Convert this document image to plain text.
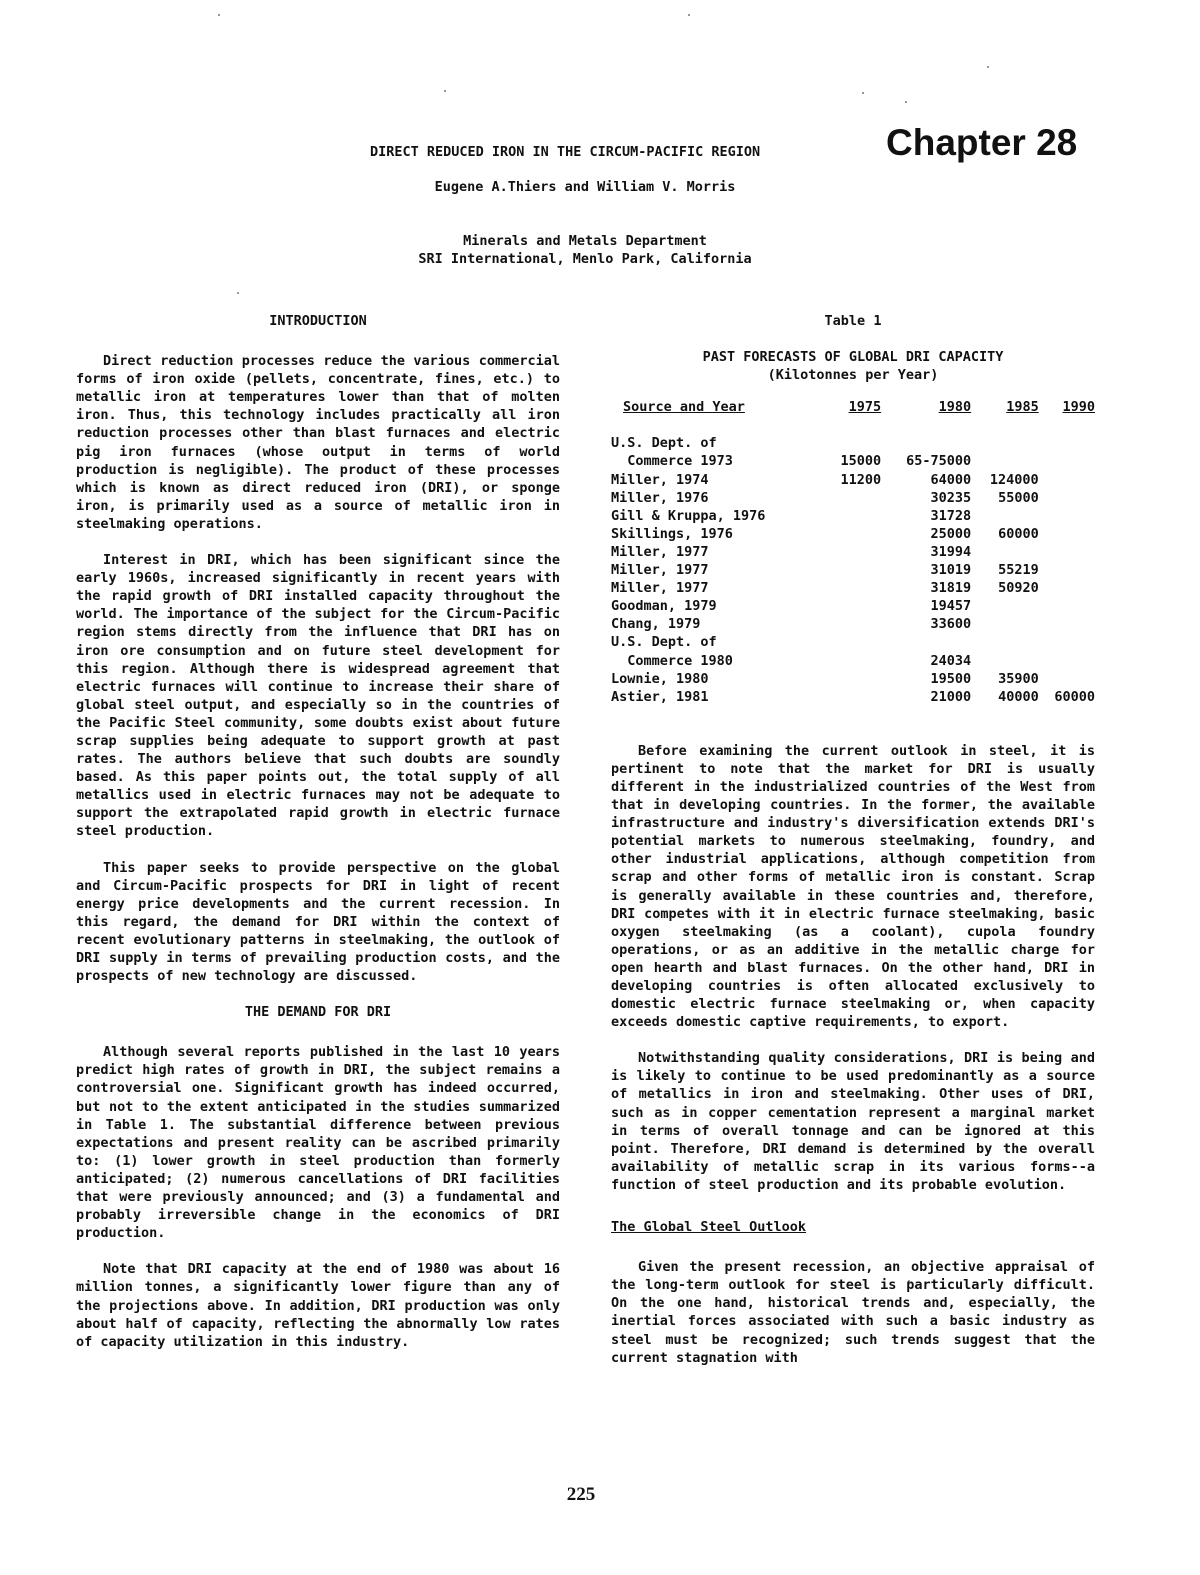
Chapter 28
DIRECT REDUCED IRON IN THE CIRCUM-PACIFIC REGION
Eugene A.Thiers and William V. Morris
Minerals and Metals Department
SRI International, Menlo Park, California
INTRODUCTION

Direct reduction processes reduce the various commercial forms of iron oxide (pellets, concentrate, fines, etc.) to metallic iron at temperatures lower than that of molten iron. Thus, this technology includes practically all iron reduction processes other than blast furnaces and electric pig iron furnaces (whose output in terms of world production is negligible). The product of these processes which is known as direct reduced iron (DRI), or sponge iron, is primarily used as a source of metallic iron in steelmaking operations.

Interest in DRI, which has been significant since the early 1960s, increased significantly in recent years with the rapid growth of DRI installed capacity throughout the world. The importance of the subject for the Circum-Pacific region stems directly from the influence that DRI has on iron ore consumption and on future steel development for this region. Although there is widespread agreement that electric furnaces will continue to increase their share of global steel output, and especially so in the countries of the Pacific Steel community, some doubts exist about future scrap supplies being adequate to support growth at past rates. The authors believe that such doubts are soundly based. As this paper points out, the total supply of all metallics used in electric furnaces may not be adequate to support the extrapolated rapid growth in electric furnace steel production.

This paper seeks to provide perspective on the global and Circum-Pacific prospects for DRI in light of recent energy price developments and the current recession. In this regard, the demand for DRI within the context of recent evolutionary patterns in steelmaking, the outlook of DRI supply in terms of prevailing production costs, and the prospects of new technology are discussed.

THE DEMAND FOR DRI

Although several reports published in the last 10 years predict high rates of growth in DRI, the subject remains a controversial one. Significant growth has indeed occurred, but not to the extent anticipated in the studies summarized in Table 1. The substantial difference between previous expectations and present reality can be ascribed primarily to: (1) lower growth in steel production than formerly anticipated; (2) numerous cancellations of DRI facilities that were previously announced; and (3) a fundamental and probably irreversible change in the economics of DRI production.

Note that DRI capacity at the end of 1980 was about 16 million tonnes, a significantly lower figure than any of the projections above. In addition, DRI production was only about half of capacity, reflecting the abnormally low rates of capacity utilization in this industry.

Table 1
PAST FORECASTS OF GLOBAL DRI CAPACITY
(Kilotonnes per Year)
Source and Year	1975	1980	1985	1990
U.S. Dept. of				
Commerce 1973	15000	65-75000		
Miller, 1974	11200	64000	124000	
Miller, 1976		30235	55000	
Gill & Kruppa, 1976		31728		
Skillings, 1976		25000	60000	
Miller, 1977		31994		
Miller, 1977		31019	55219	
Miller, 1977		31819	50920	
Goodman, 1979		19457		
Chang, 1979		33600		
U.S. Dept. of				
Commerce 1980		24034		
Lownie, 1980		19500	35900	
Astier, 1981		21000	40000	60000

Before examining the current outlook in steel, it is pertinent to note that the market for DRI is usually different in the industrialized countries of the West from that in developing countries. In the former, the available infrastructure and industry's diversification extends DRI's potential markets to numerous steelmaking, foundry, and other industrial applications, although competition from scrap and other forms of metallic iron is constant. Scrap is generally available in these countries and, therefore, DRI competes with it in electric furnace steelmaking, basic oxygen steelmaking (as a coolant), cupola foundry operations, or as an additive in the metallic charge for open hearth and blast furnaces. On the other hand, DRI in developing countries is often allocated exclusively to domestic electric furnace steelmaking or, when capacity exceeds domestic captive requirements, to export.

Notwithstanding quality considerations, DRI is being and is likely to continue to be used predominantly as a source of metallics in iron and steelmaking. Other uses of DRI, such as in copper cementation represent a marginal market in terms of overall tonnage and can be ignored at this point. Therefore, DRI demand is determined by the overall availability of metallic scrap in its various forms--a function of steel production and its probable evolution.

The Global Steel Outlook

Given the present recession, an objective appraisal of the long-term outlook for steel is particularly difficult. On the one hand, historical trends and, especially, the inertial forces associated with such a basic industry as steel must be recognized; such trends suggest that the current stagnation with

225
